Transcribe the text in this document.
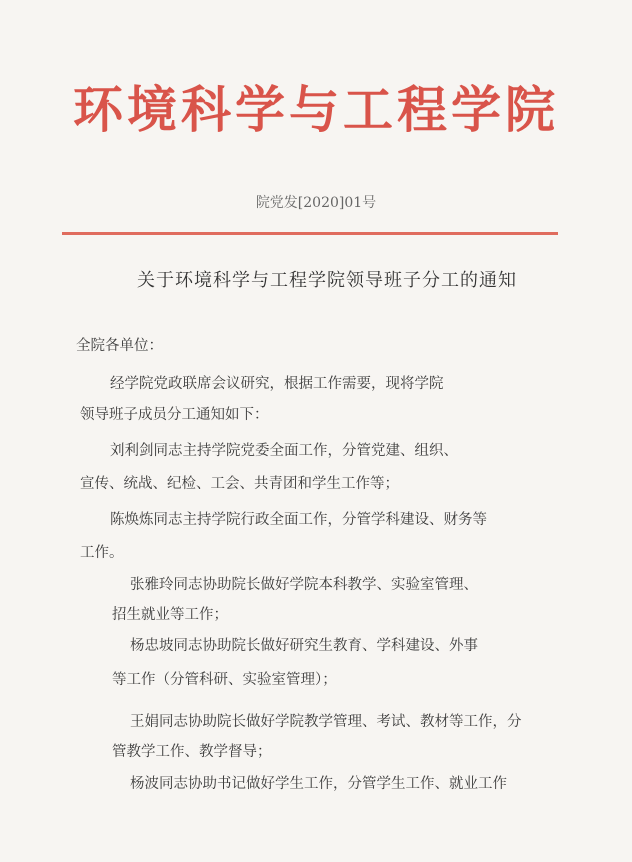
环境科学与工程学院
院党发[2020]01号
关于环境科学与工程学院领导班子分工的通知
全院各单位：
经学院党政联席会议研究，根据工作需要，现将学院
领导班子成员分工通知如下：
刘利剑同志主持学院党委全面工作，分管党建、组织、
宣传、统战、纪检、工会、共青团和学生工作等；
陈焕炼同志主持学院行政全面工作，分管学科建设、财务等
工作。
张雅玲同志协助院长做好学院本科教学、实验室管理、
招生就业等工作；
杨忠坡同志协助院长做好研究生教育、学科建设、外事
等工作（分管科研、实验室管理）；
王娟同志协助院长做好学院教学管理、考试、教材等工作，分
管教学工作、教学督导；
杨波同志协助书记做好学生工作，分管学生工作、就业工作
